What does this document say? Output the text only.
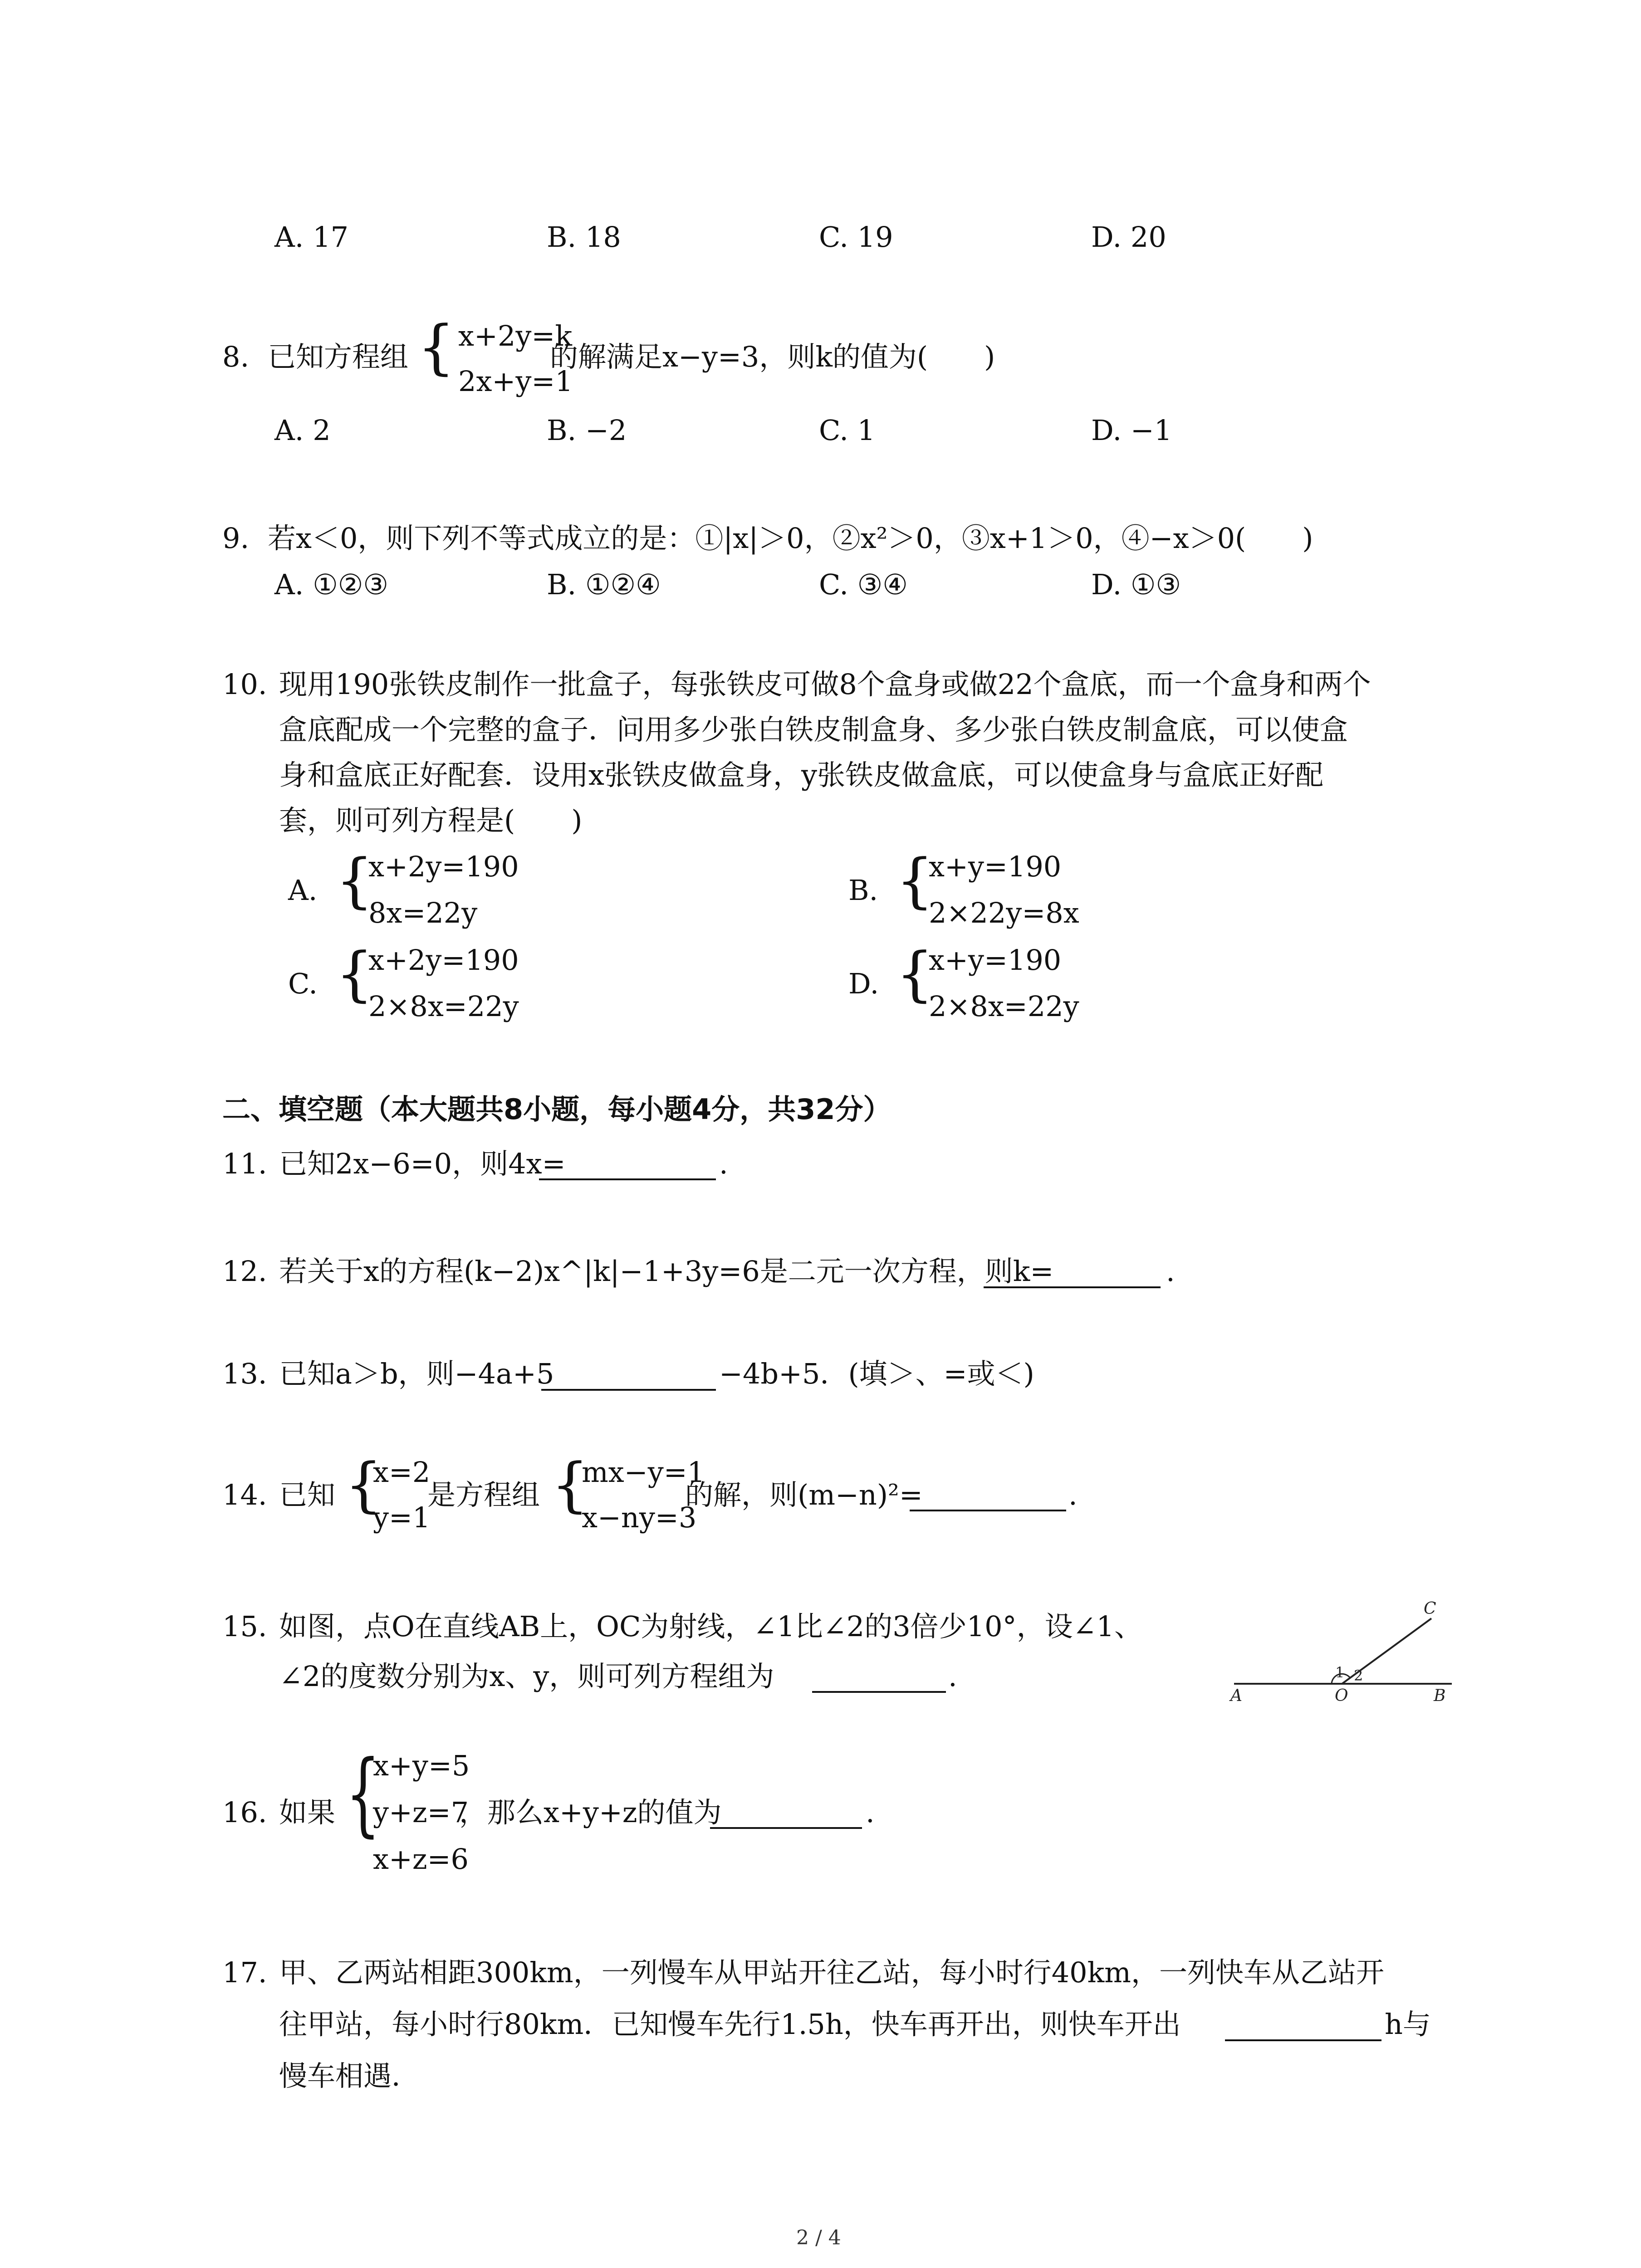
A. 17	B. 18	C. 19	D. 20
8. 已知方程组 { x+2y=k
2x+y=1
的解满足x−y=3，则k的值为(　　)
A. 2	B. −2	C. 1	D. −1
9. 若x＜0，则下列不等式成立的是：①|x|＞0，②x²＞0，③x+1＞0，④−x＞0(　　)
A. ①②③	B. ①②④	C. ③④	D. ①③
10. 现用190张铁皮制作一批盒子，每张铁皮可做8个盒身或做22个盒底，而一个盒身和两个
盒底配成一个完整的盒子．问用多少张白铁皮制盒身、多少张白铁皮制盒底，可以使盒
身和盒底正好配套．设用x张铁皮做盒身，y张铁皮做盒底，可以使盒身与盒底正好配
套，则可列方程是(　　)
A. {
x+2y=190
8x=22y
B. {
x+y=190
2×22y=8x
C. {
x+2y=190
2×8x=22y
D. {
x+y=190
2×8x=22y
二、填空题（本大题共8小题，每小题4分，共32分）
11. 已知2x−6=0，则4x=	.
12. 若关于x的方程(k−2)x^|k|−1+3y=6是二元一次方程，则k=	.
13. 已知a＞b，则−4a+5	−4b+5．(填＞、=或＜)
14. 已知 {
x=2
y=1
是方程组 {
mx−y=1
x−ny=3
的解，则(m−n)²=	.
15. 如图，点O在直线AB上，OC为射线，∠1比∠2的3倍少10°，设∠1、
∠2的度数分别为x、y，则可列方程组为	.
A	O	B
C
1 2
16. 如果 {
x+y=5
y+z=7
x+z=6
，那么x+y+z的值为	.
17. 甲、乙两站相距300km，一列慢车从甲站开往乙站，每小时行40km，一列快车从乙站开
往甲站，每小时行80km．已知慢车先行1.5h，快车再开出，则快车开出	h与
慢车相遇．
2 / 4
